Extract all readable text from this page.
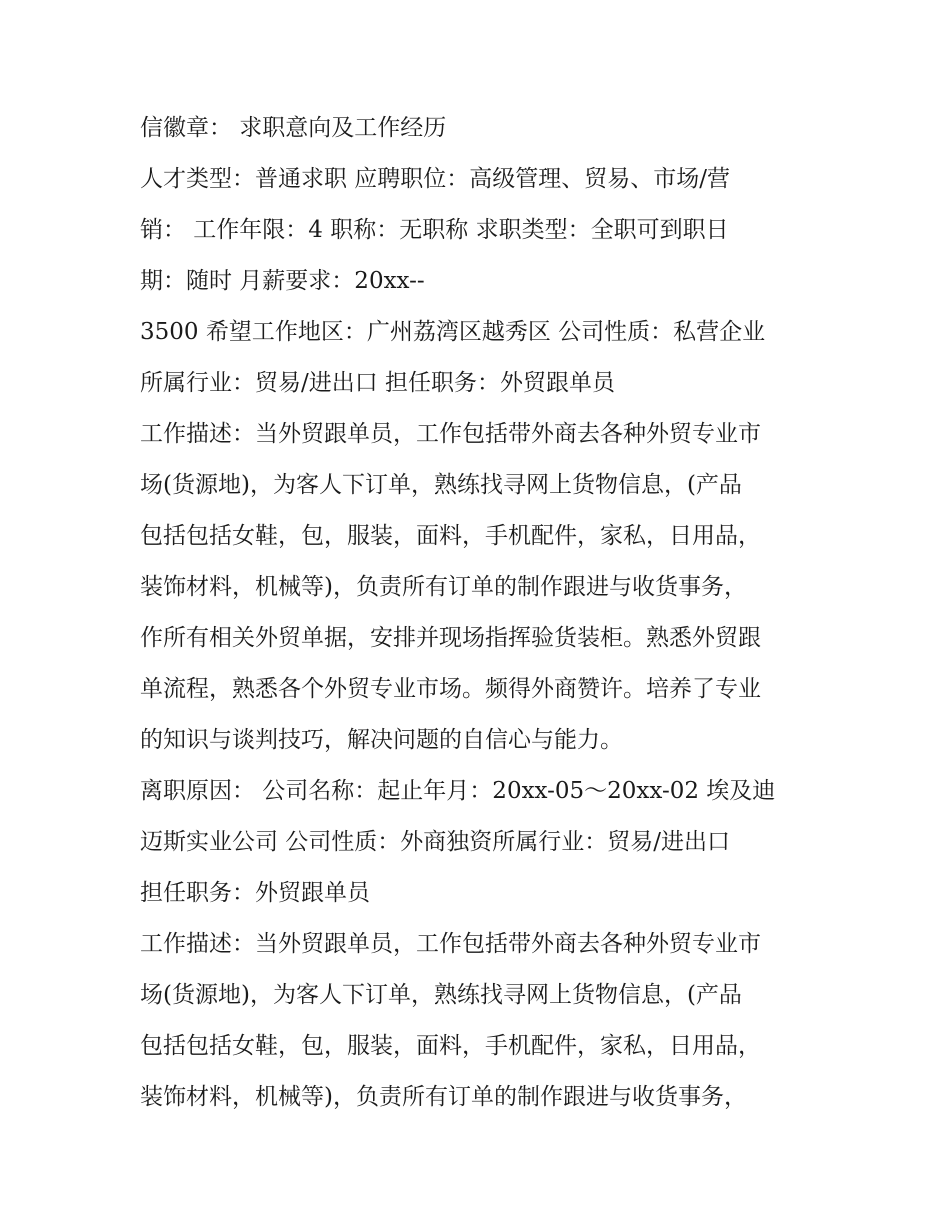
信徽章： 求职意向及工作经历
人才类型：普通求职 应聘职位：高级管理、贸易、市场/营
销： 工作年限：4 职称：无职称 求职类型：全职可到职日
期：随时 月薪要求：20xx--
3500 希望工作地区：广州荔湾区越秀区 公司性质：私营企业
所属行业：贸易/进出口 担任职务：外贸跟单员
工作描述：当外贸跟单员，工作包括带外商去各种外贸专业市
场(货源地)，为客人下订单，熟练找寻网上货物信息，(产品
包括包括女鞋，包，服装，面料，手机配件，家私，日用品，
装饰材料，机械等)，负责所有订单的制作跟进与收货事务，
作所有相关外贸单据，安排并现场指挥验货装柜。熟悉外贸跟
单流程，熟悉各个外贸专业市场。频得外商赞许。培养了专业
的知识与谈判技巧，解决问题的自信心与能力。
离职原因： 公司名称：起止年月：20xx-05～20xx-02 埃及迪
迈斯实业公司 公司性质：外商独资所属行业：贸易/进出口
担任职务：外贸跟单员
工作描述：当外贸跟单员，工作包括带外商去各种外贸专业市
场(货源地)，为客人下订单，熟练找寻网上货物信息，(产品
包括包括女鞋，包，服装，面料，手机配件，家私，日用品，
装饰材料，机械等)，负责所有订单的制作跟进与收货事务，
